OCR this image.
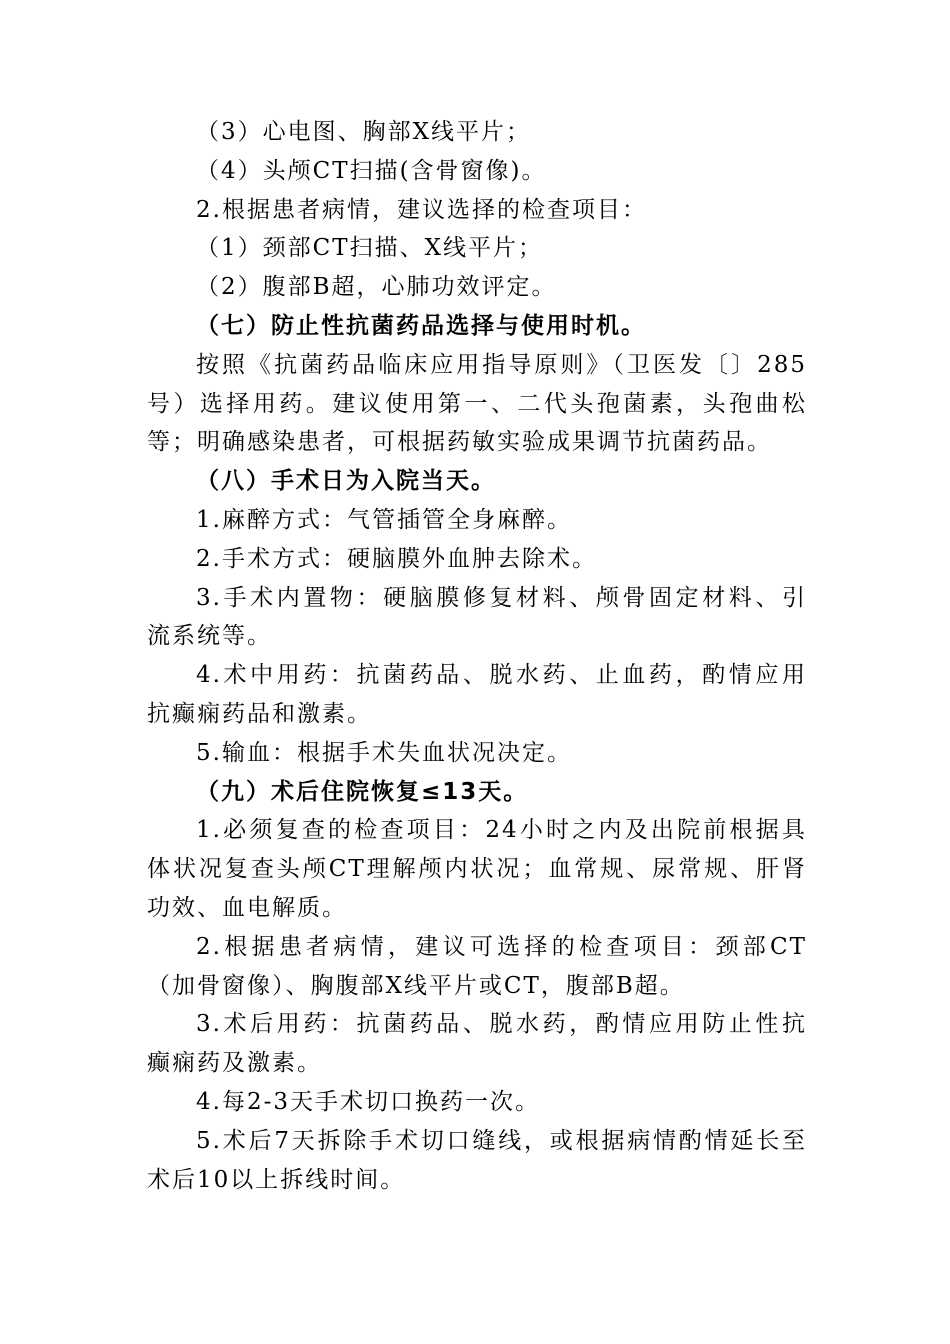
（3）心电图、胸部X线平片；
（4）头颅CT扫描(含骨窗像)。
2.根据患者病情，建议选择的检查项目：
（1）颈部CT扫描、X线平片；
（2）腹部B超，心肺功效评定。
（七）防止性抗菌药品选择与使用时机。
按照《抗菌药品临床应用指导原则》（卫医发〔〕285
号）选择用药。建议使用第一、二代头孢菌素，头孢曲松
等；明确感染患者，可根据药敏实验成果调节抗菌药品。
（八）手术日为入院当天。
1.麻醉方式：气管插管全身麻醉。
2.手术方式：硬脑膜外血肿去除术。
3.手术内置物：硬脑膜修复材料、颅骨固定材料、引
流系统等。
4.术中用药：抗菌药品、脱水药、止血药，酌情应用
抗癫痫药品和激素。
5.输血：根据手术失血状况决定。
（九）术后住院恢复≤13天。
1.必须复查的检查项目：24小时之内及出院前根据具
体状况复查头颅CT理解颅内状况；血常规、尿常规、肝肾
功效、血电解质。
2.根据患者病情，建议可选择的检查项目：颈部CT
（加骨窗像）、胸腹部X线平片或CT，腹部B超。
3.术后用药：抗菌药品、脱水药，酌情应用防止性抗
癫痫药及激素。
4.每2-3天手术切口换药一次。
5.术后7天拆除手术切口缝线，或根据病情酌情延长至
术后10以上拆线时间。
